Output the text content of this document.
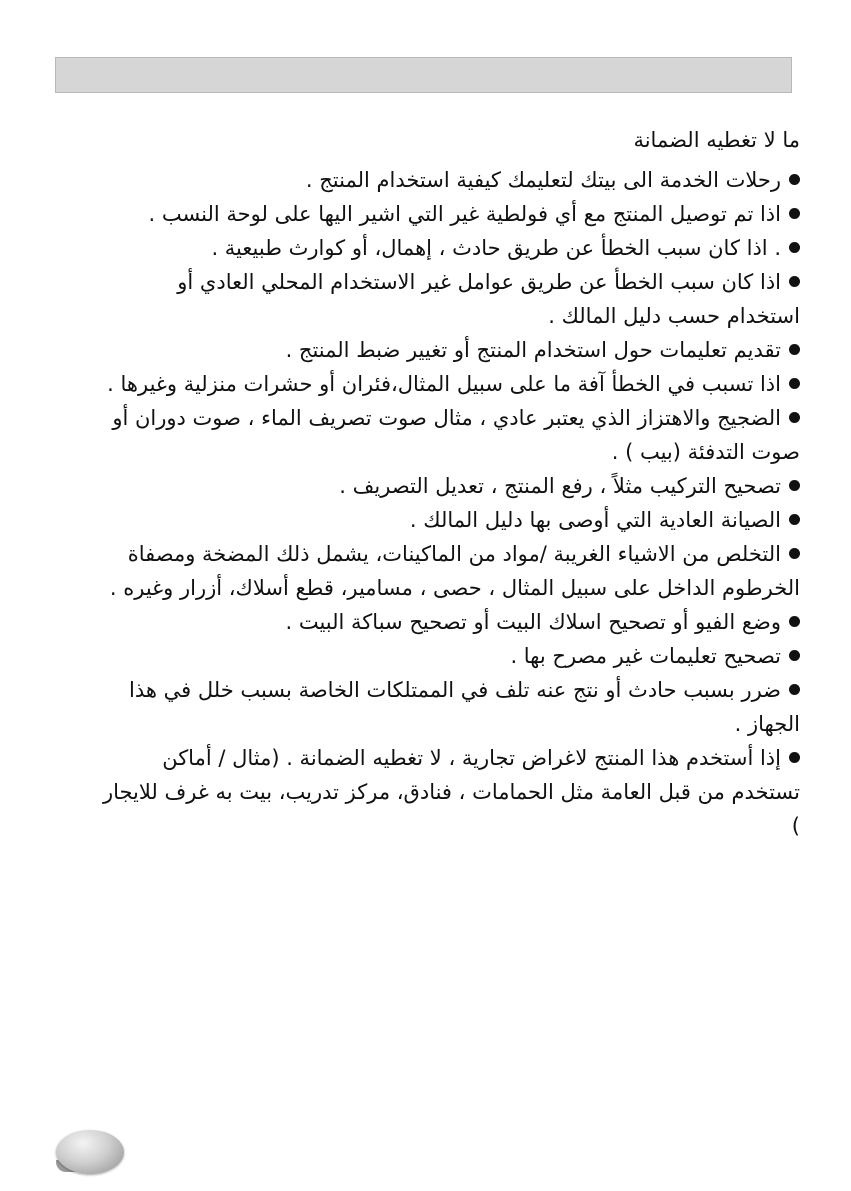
ما لا تغطيه الضمانة
رحلات الخدمة الى بيتك لتعليمك كيفية استخدام المنتج .
اذا تم توصيل المنتج مع أي فولطية غير التي اشير اليها على لوحة النسب .
. اذا كان سبب الخطأ عن طريق حادث ، إهمال، أو كوارث طبيعية .
اذا كان سبب الخطأ عن طريق عوامل غير الاستخدام المحلي العادي أو استخدام حسب دليل المالك .
تقديم تعليمات حول استخدام المنتج أو تغيير ضبط المنتج .
اذا تسبب في الخطأ آفة ما على سبيل المثال،فئران أو حشرات منزلية وغيرها .
الضجيج والاهتزاز الذي يعتبر عادي ، مثال صوت تصريف الماء ، صوت دوران أو صوت التدفئة (بيب ) .
تصحيح التركيب مثلاً ، رفع المنتج ، تعديل التصريف .
الصيانة العادية التي أوصى بها دليل المالك .
التخلص من الاشياء الغريبة /مواد من الماكينات، يشمل ذلك المضخة ومصفاة الخرطوم الداخل على سبيل المثال ، حصى ، مسامير، قطع أسلاك، أزرار وغيره .
وضع الفيو أو تصحيح اسلاك البيت أو تصحيح سباكة البيت .
تصحيح تعليمات غير مصرح بها .
ضرر بسبب حادث أو نتج عنه تلف في الممتلكات الخاصة بسبب خلل في هذا الجهاز .
إذا أستخدم هذا المنتج لاغراض تجارية ، لا تغطيه الضمانة . (مثال / أماكن تستخدم من قبل العامة مثل الحمامات ، فنادق، مركز تدريب، بيت به غرف للايجار )
